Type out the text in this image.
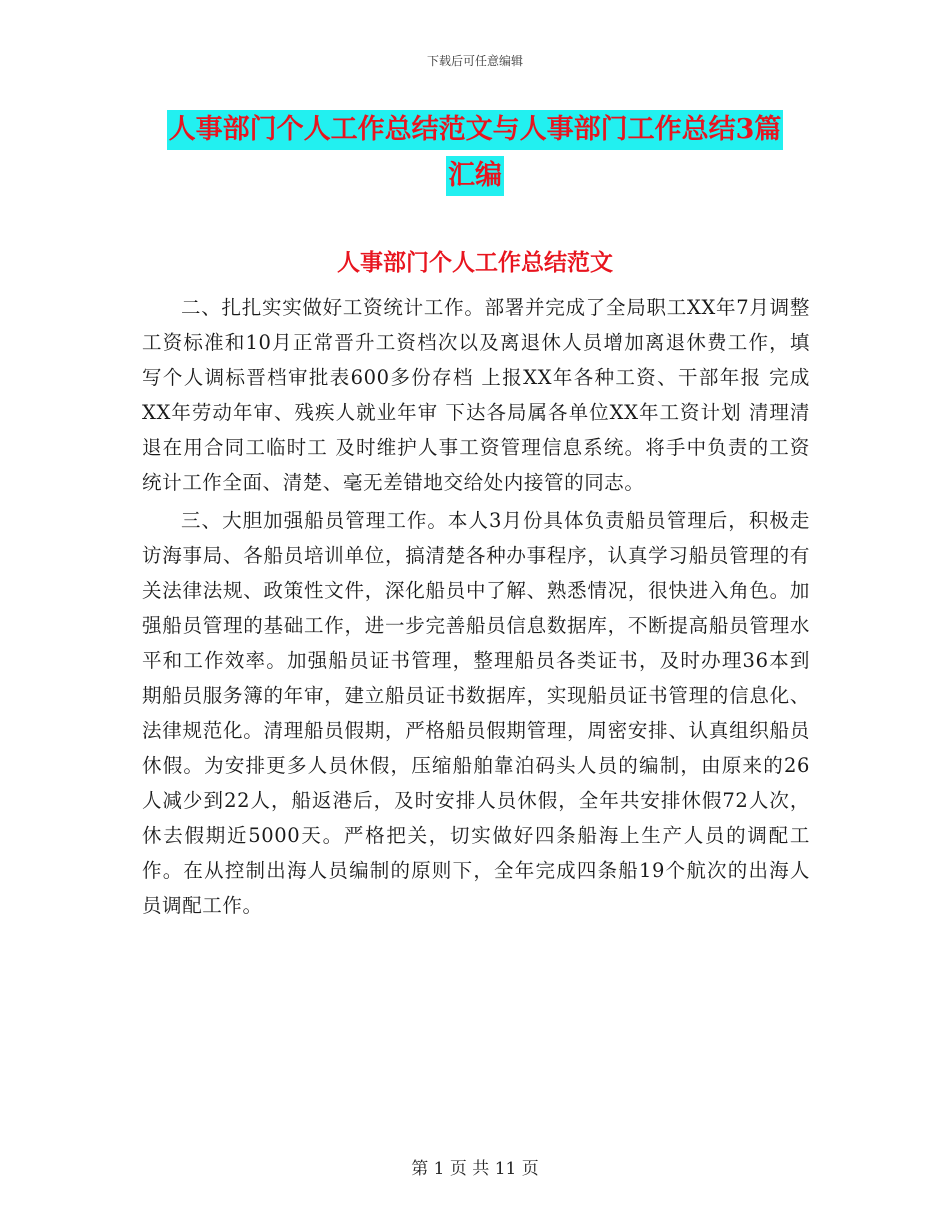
下载后可任意编辑
人事部门个人工作总结范文与人事部门工作总结3篇
汇编
人事部门个人工作总结范文

二、扎扎实实做好工资统计工作。部署并完成了全局职工XX年7月调整工资标准和10月正常晋升工资档次以及离退休人员增加离退休费工作，填写个人调标晋档审批表600多份存档 上报XX年各种工资、干部年报 完成XX年劳动年审、残疾人就业年审 下达各局属各单位XX年工资计划 清理清退在用合同工临时工 及时维护人事工资管理信息系统。将手中负责的工资统计工作全面、清楚、毫无差错地交给处内接管的同志。

三、大胆加强船员管理工作。本人3月份具体负责船员管理后，积极走访海事局、各船员培训单位，搞清楚各种办事程序，认真学习船员管理的有关法律法规、政策性文件，深化船员中了解、熟悉情况，很快进入角色。加强船员管理的基础工作，进一步完善船员信息数据库，不断提高船员管理水平和工作效率。加强船员证书管理，整理船员各类证书，及时办理36本到期船员服务簿的年审，建立船员证书数据库，实现船员证书管理的信息化、法律规范化。清理船员假期，严格船员假期管理，周密安排、认真组织船员休假。为安排更多人员休假，压缩船舶靠泊码头人员的编制，由原来的26人减少到22人，船返港后，及时安排人员休假，全年共安排休假72人次，休去假期近5000天。严格把关，切实做好四条船海上生产人员的调配工作。在从控制出海人员编制的原则下，全年完成四条船19个航次的出海人员调配工作。

第 1 页 共 11 页
